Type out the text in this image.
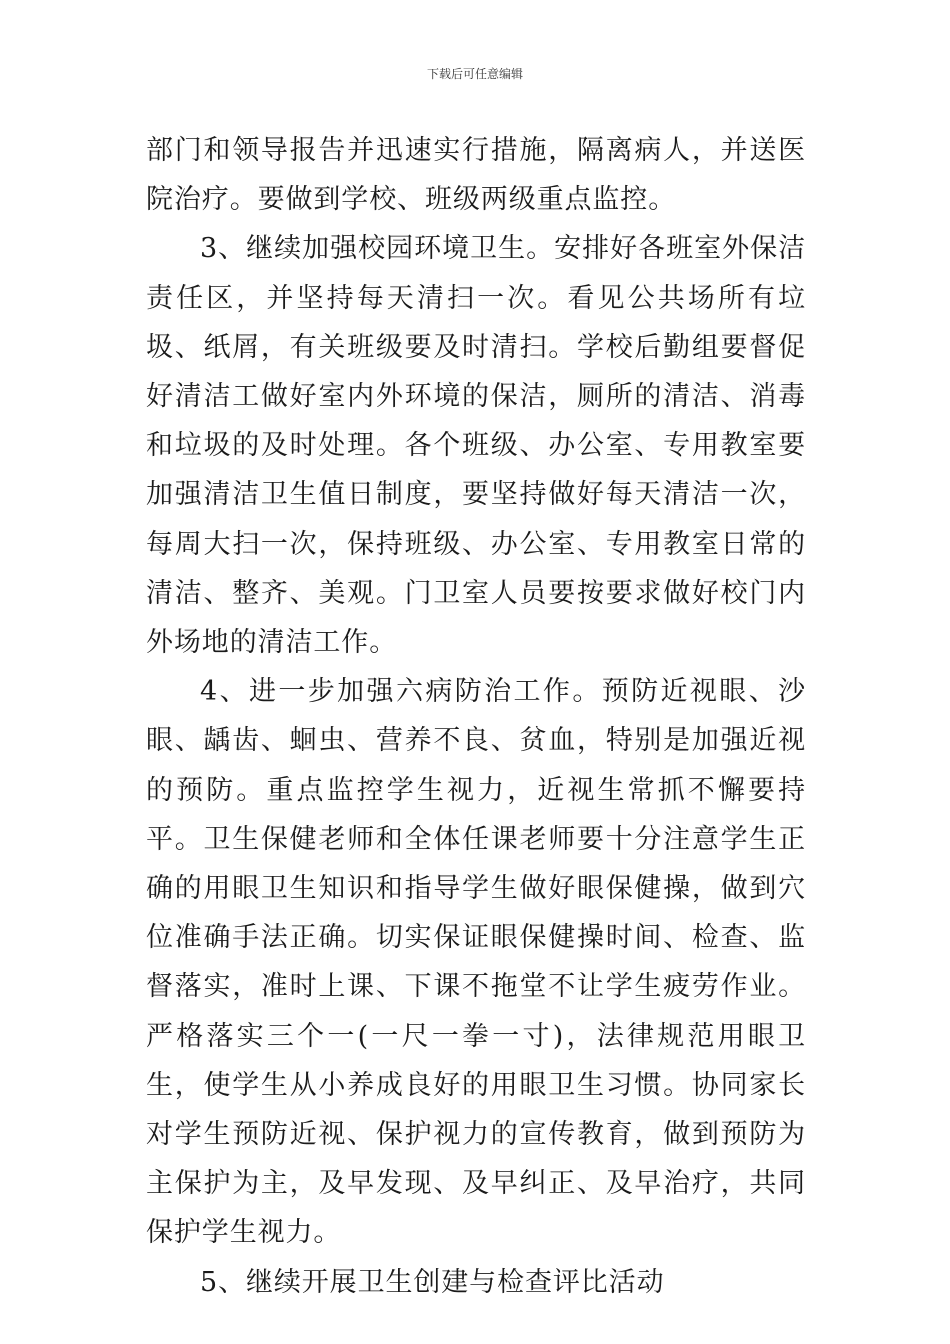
下载后可任意编辑

部门和领导报告并迅速实行措施，隔离病人，并送医院治疗。要做到学校、班级两级重点监控。

3、继续加强校园环境卫生。安排好各班室外保洁责任区，并坚持每天清扫一次。看见公共场所有垃圾、纸屑，有关班级要及时清扫。学校后勤组要督促好清洁工做好室内外环境的保洁，厕所的清洁、消毒和垃圾的及时处理。各个班级、办公室、专用教室要加强清洁卫生值日制度，要坚持做好每天清洁一次，每周大扫一次，保持班级、办公室、专用教室日常的清洁、整齐、美观。门卫室人员要按要求做好校门内外场地的清洁工作。

4、进一步加强六病防治工作。预防近视眼、沙眼、龋齿、蛔虫、营养不良、贫血，特别是加强近视的预防。重点监控学生视力，近视生常抓不懈要持平。卫生保健老师和全体任课老师要十分注意学生正确的用眼卫生知识和指导学生做好眼保健操，做到穴位准确手法正确。切实保证眼保健操时间、检查、监督落实，准时上课、下课不拖堂不让学生疲劳作业。严格落实三个一(一尺一拳一寸)，法律规范用眼卫生，使学生从小养成良好的用眼卫生习惯。协同家长对学生预防近视、保护视力的宣传教育，做到预防为主保护为主，及早发现、及早纠正、及早治疗，共同保护学生视力。

5、继续开展卫生创建与检查评比活动
